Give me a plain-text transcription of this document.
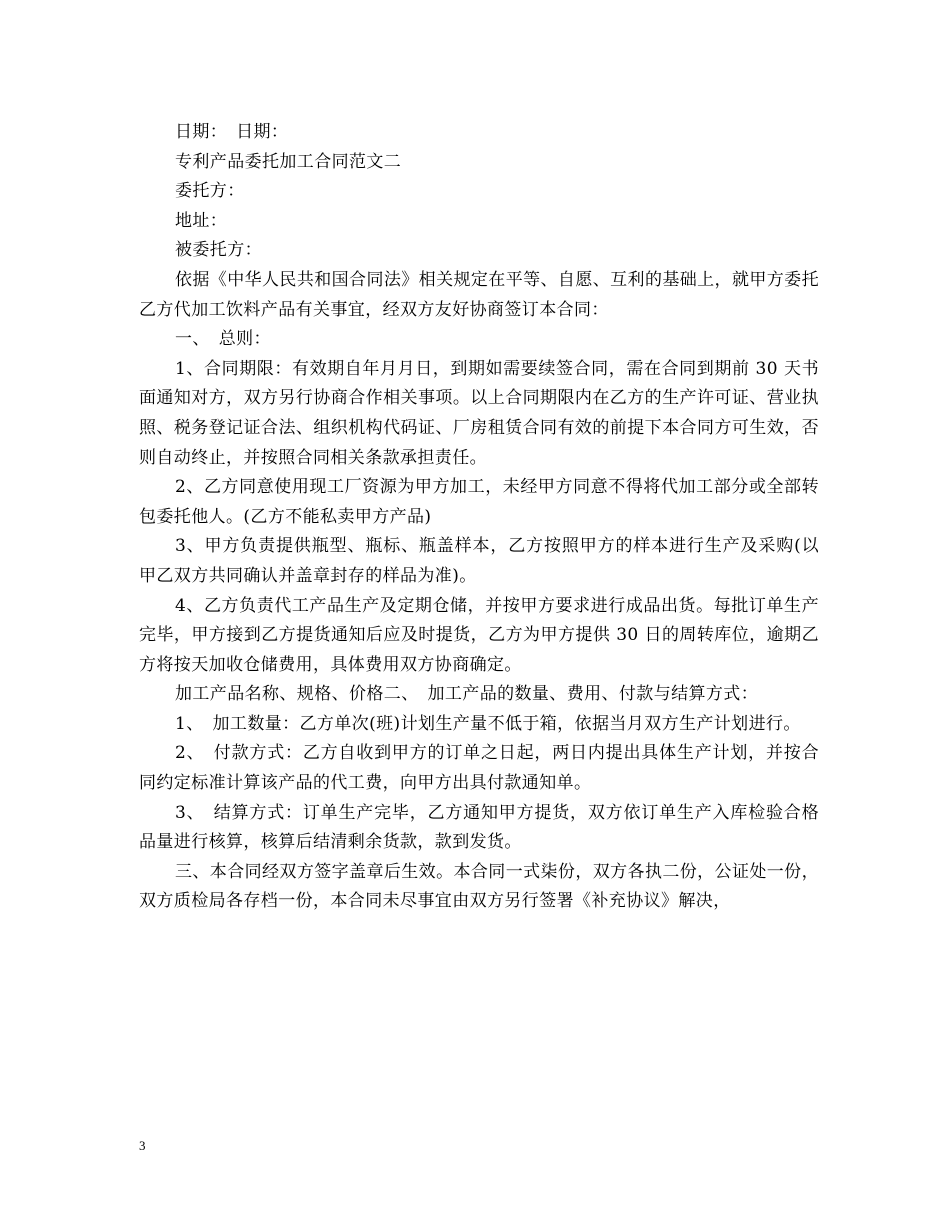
日期：　日期：

专利产品委托加工合同范文二

委托方：

地址：

被委托方：

依据《中华人民共和国合同法》相关规定在平等、自愿、互利的基础上，就甲方委托乙方代加工饮料产品有关事宜，经双方友好协商签订本合同：

一、　总则：

1、合同期限：有效期自年月月日，到期如需要续签合同，需在合同到期前 30 天书面通知对方，双方另行协商合作相关事项。以上合同期限内在乙方的生产许可证、营业执照、税务登记证合法、组织机构代码证、厂房租赁合同有效的前提下本合同方可生效，否则自动终止，并按照合同相关条款承担责任。

2、乙方同意使用现工厂资源为甲方加工，未经甲方同意不得将代加工部分或全部转包委托他人。(乙方不能私卖甲方产品)

3、甲方负责提供瓶型、瓶标、瓶盖样本，乙方按照甲方的样本进行生产及采购(以甲乙双方共同确认并盖章封存的样品为准)。

4、乙方负责代工产品生产及定期仓储，并按甲方要求进行成品出货。每批订单生产完毕，甲方接到乙方提货通知后应及时提货，乙方为甲方提供 30 日的周转库位，逾期乙方将按天加收仓储费用，具体费用双方协商确定。

加工产品名称、规格、价格二、　加工产品的数量、费用、付款与结算方式：

1、　加工数量：乙方单次(班)计划生产量不低于箱，依据当月双方生产计划进行。

2、　付款方式：乙方自收到甲方的订单之日起，两日内提出具体生产计划，并按合同约定标准计算该产品的代工费，向甲方出具付款通知单。

3、　结算方式：订单生产完毕，乙方通知甲方提货，双方依订单生产入库检验合格品量进行核算，核算后结清剩余货款，款到发货。

三、本合同经双方签字盖章后生效。本合同一式柒份，双方各执二份，公证处一份，双方质检局各存档一份，本合同未尽事宜由双方另行签署《补充协议》解决，

3
